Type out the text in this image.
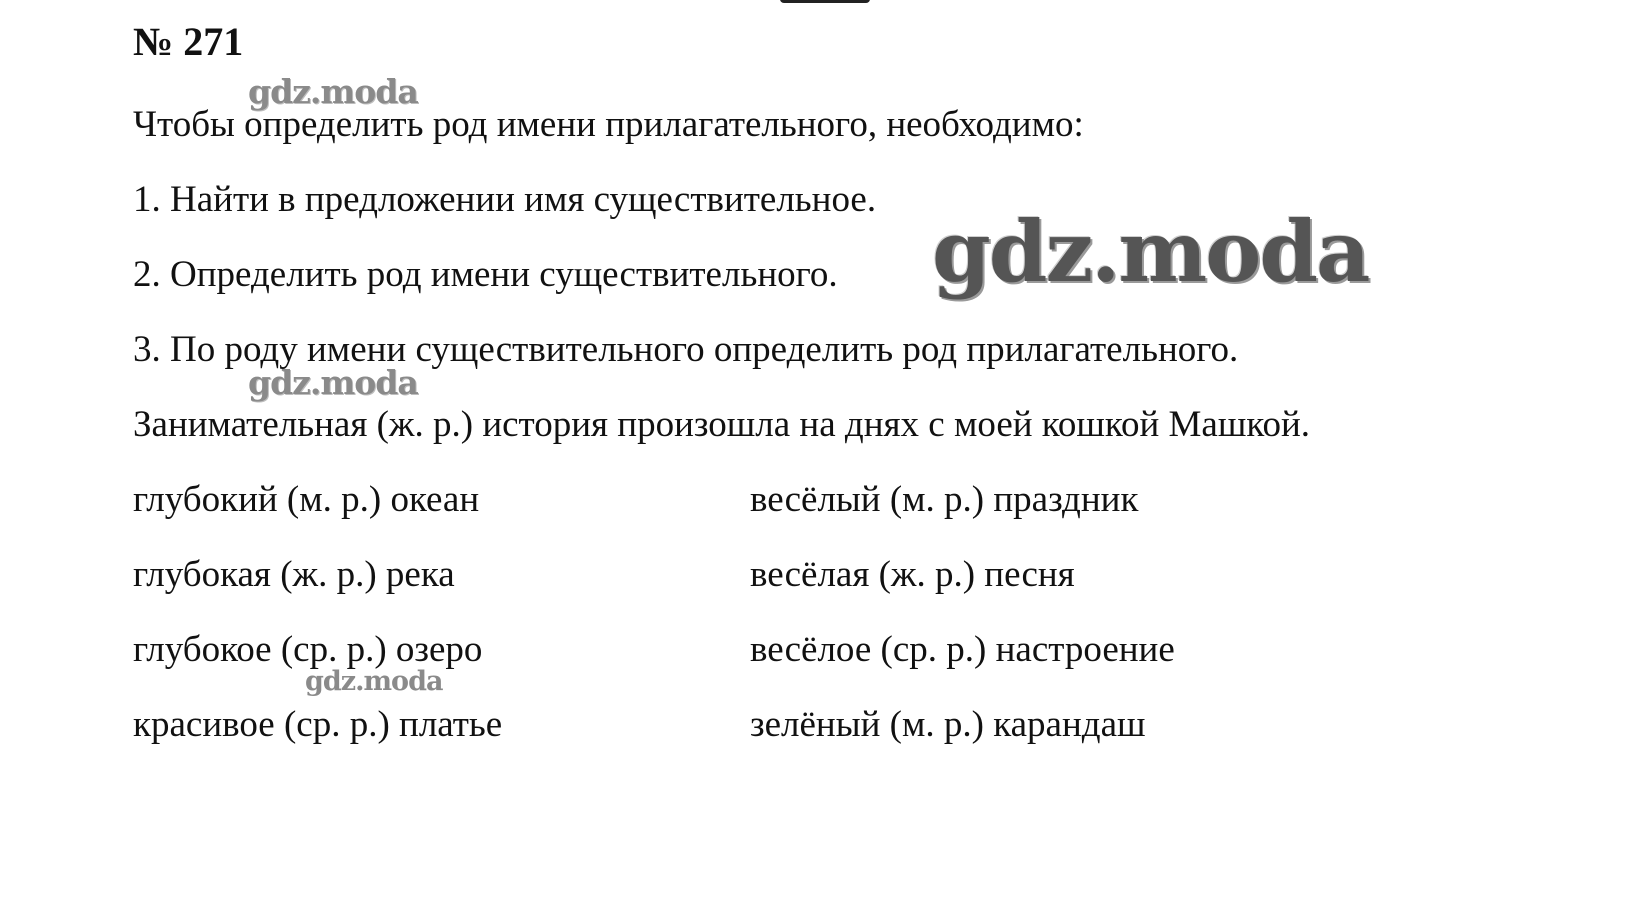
№ 271
gdz.moda
Чтобы определить род имени прилагательного, необходимо:
1. Найти в предложении имя существительное.
2. Определить род имени существительного. gdz.moda
3. По роду имени существительного определить род прилагательного.
gdz.moda
Занимательная (ж. р.) история произошла на днях с моей кошкой Машкой.
глубокий (м. р.) океан	весёлый (м. р.) праздник
глубокая (ж. р.) река	весёлая (ж. р.) песня
глубокое (ср. р.) озеро	весёлое (ср. р.) настроение
gdz.moda
красивое (ср. р.) платье	зелёный (м. р.) карандаш
